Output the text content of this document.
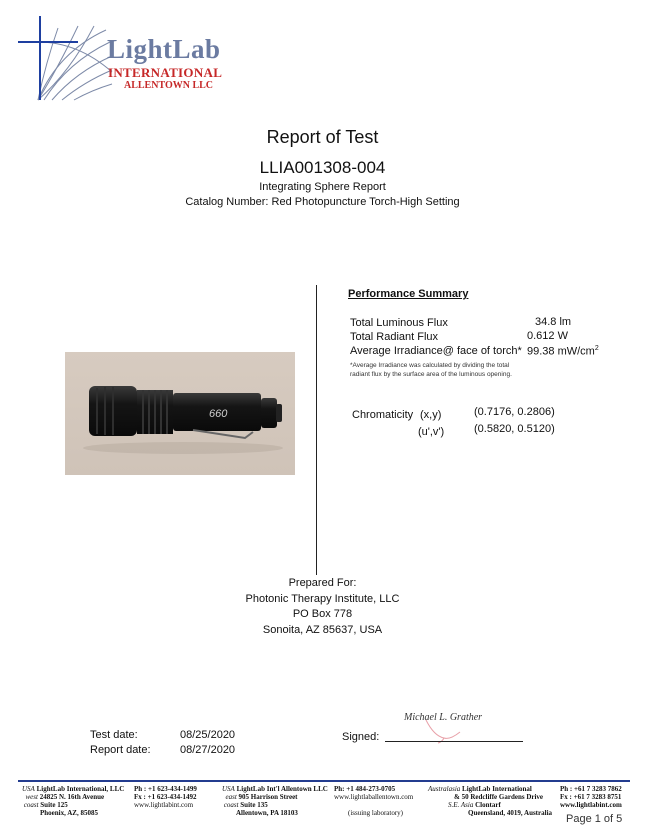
LightLab
INTERNATIONAL
ALLENTOWN LLC
Report of Test
LLIA001308-004
Integrating Sphere Report
Catalog Number: Red Photopuncture Torch-High Setting
660
Performance Summary
Total Luminous Flux	34.8 lm
Total Radiant Flux	0.612 W
Average Irradiance@ face of torch* 99.38 $mW/cm^2$
*Average Irradiance was calculated by dividing the total
radiant flux by the surface area of the luminous opening.
Chromaticity (x,y)	(0.7176, 0.2806)
(u',v')	(0.5820, 0.5120)
Prepared For:
Photonic Therapy Institute, LLC
PO Box 778
Sonoita, AZ 85637, USA
Test date:	08/25/2020
Report date:	08/27/2020
Signed:
Michael L. Grather
USA LightLab International, LLC
west 24825 N. 16th Avenue
coast Suite 125
Phoenix, AZ, 85085
Ph : +1 623-434-1499
Fx : +1 623-434-1492
www.lightlabint.com
USA LightLab Int'l Allentown LLC
east 905 Harrison Street
coast Suite 135
Allentown, PA 18103
Ph: +1 484-273-0705
www.lightlaballentown.com

(issuing laboratory)
Australasia LightLab International
& 50 Redcliffe Gardens Drive
S.E. Asia Clontarf
Queensland, 4019, Australia
Ph : +61 7 3283 7862
Fx : +61 7 3283 8751
www.lightlabint.com
Page 1 of 5
